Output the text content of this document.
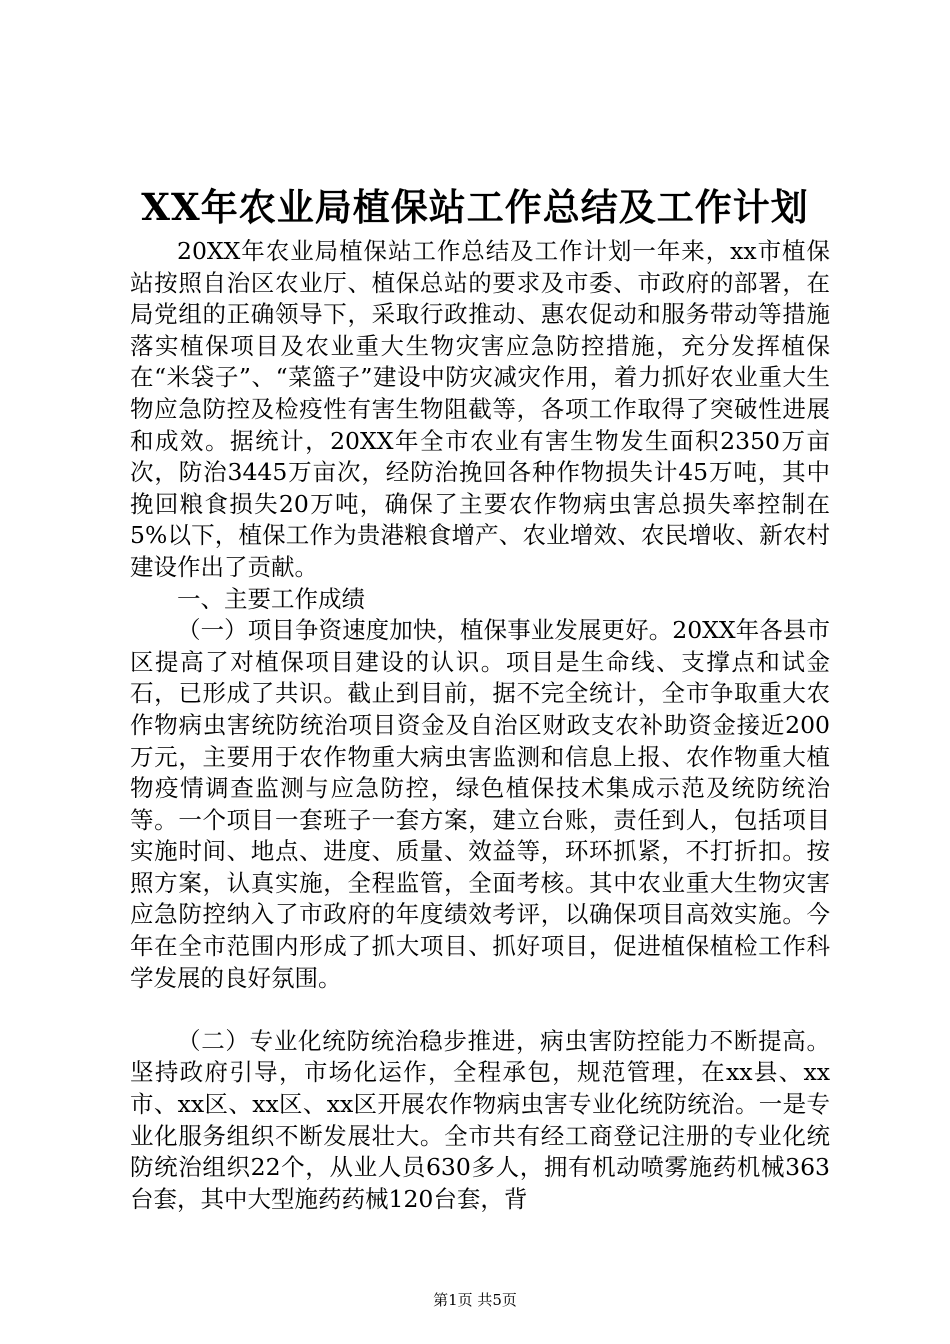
XX年农业局植保站工作总结及工作计划

20XX年农业局植保站工作总结及工作计划一年来，xx市植保站按照自治区农业厅、植保总站的要求及市委、市政府的部署，在局党组的正确领导下，采取行政推动、惠农促动和服务带动等措施落实植保项目及农业重大生物灾害应急防控措施，充分发挥植保在“米袋子”、“菜篮子”建设中防灾减灾作用，着力抓好农业重大生物应急防控及检疫性有害生物阻截等，各项工作取得了突破性进展和成效。据统计，20XX年全市农业有害生物发生面积2350万亩次，防治3445万亩次，经防治挽回各种作物损失计45万吨，其中挽回粮食损失20万吨，确保了主要农作物病虫害总损失率控制在5%以下，植保工作为贵港粮食增产、农业增效、农民增收、新农村建设作出了贡献。

一、主要工作成绩

（一）项目争资速度加快，植保事业发展更好。20XX年各县市区提高了对植保项目建设的认识。项目是生命线、支撑点和试金石，已形成了共识。截止到目前，据不完全统计，全市争取重大农作物病虫害统防统治项目资金及自治区财政支农补助资金接近200万元，主要用于农作物重大病虫害监测和信息上报、农作物重大植物疫情调查监测与应急防控，绿色植保技术集成示范及统防统治等。一个项目一套班子一套方案，建立台账，责任到人，包括项目实施时间、地点、进度、质量、效益等，环环抓紧，不打折扣。按照方案，认真实施，全程监管，全面考核。其中农业重大生物灾害应急防控纳入了市政府的年度绩效考评，以确保项目高效实施。今年在全市范围内形成了抓大项目、抓好项目，促进植保植检工作科学发展的良好氛围。

（二）专业化统防统治稳步推进，病虫害防控能力不断提高。坚持政府引导，市场化运作，全程承包，规范管理，在xx县、xx市、xx区、xx区、xx区开展农作物病虫害专业化统防统治。一是专业化服务组织不断发展壮大。全市共有经工商登记注册的专业化统防统治组织22个，从业人员630多人，拥有机动喷雾施药机械363台套，其中大型施药药械120台套，背

第1页 共5页
